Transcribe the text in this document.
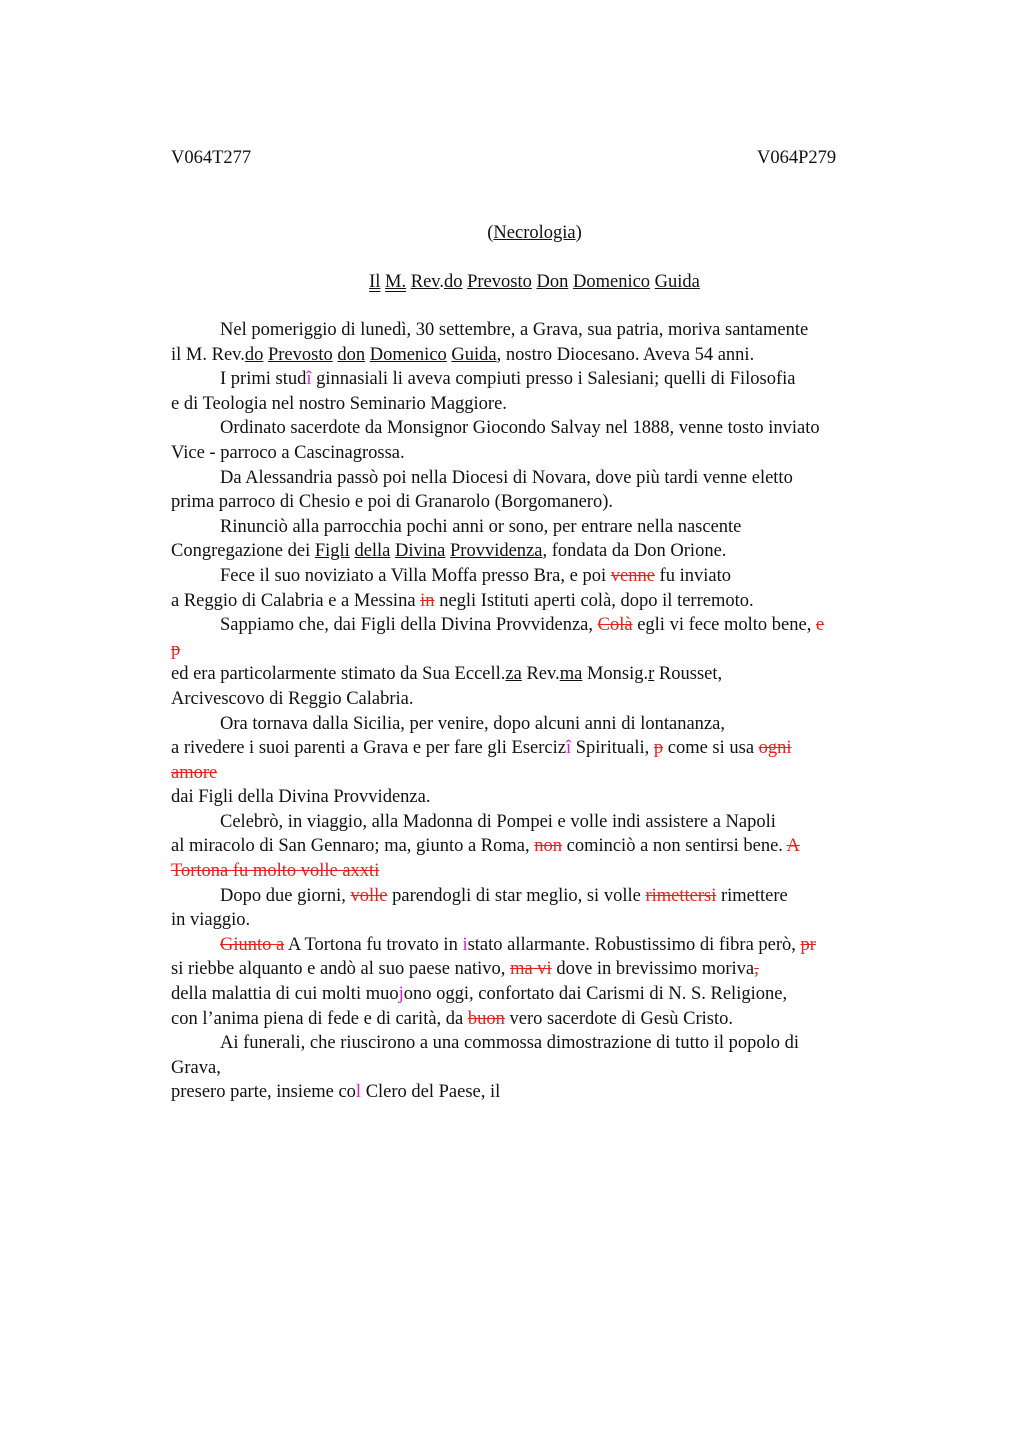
V064T277	V064P279
(Necrologia)
Il M. Rev.do Prevosto Don Domenico Guida
Nel pomeriggio di lunedì, 30 settembre, a Grava, sua patria, moriva santamente
il M. Rev.do Prevosto don Domenico Guida, nostro Diocesano. Aveva 54 anni.
I primi studî ginnasiali li aveva compiuti presso i Salesiani; quelli di Filosofia
e di Teologia nel nostro Seminario Maggiore.
Ordinato sacerdote da Monsignor Giocondo Salvay nel 1888, venne tosto inviato
Vice - parroco a Cascinagrossa.
Da Alessandria passò poi nella Diocesi di Novara, dove più tardi venne eletto
prima parroco di Chesio e poi di Granarolo (Borgomanero).
Rinunciò alla parrocchia pochi anni or sono, per entrare nella nascente
Congregazione dei Figli della Divina Provvidenza, fondata da Don Orione.
Fece il suo noviziato a Villa Moffa presso Bra, e poi venne fu inviato
a Reggio di Calabria e a Messina in negli Istituti aperti colà, dopo il terremoto.
Sappiamo che, dai Figli della Divina Provvidenza, Colà egli vi fece molto bene, e
p
ed era particolarmente stimato da Sua Eccell.za Rev.ma Monsig.r Rousset,
Arcivescovo di Reggio Calabria.
Ora tornava dalla Sicilia, per venire, dopo alcuni anni di lontananza,
a rivedere i suoi parenti a Grava e per fare gli Esercizî Spirituali, p come si usa ogni
amore
dai Figli della Divina Provvidenza.
Celebrò, in viaggio, alla Madonna di Pompei e volle indi assistere a Napoli
al miracolo di San Gennaro; ma, giunto a Roma, non cominciò a non sentirsi bene. A
Tortona fu molto volle axxti
Dopo due giorni, volle parendogli di star meglio, si volle rimettersi rimettere
in viaggio.
Giunto a A Tortona fu trovato in istato allarmante. Robustissimo di fibra però, pr
si riebbe alquanto e andò al suo paese nativo, ma vi dove in brevissimo moriva,
della malattia di cui molti muojono oggi, confortato dai Carismi di N. S. Religione,
con l’anima piena di fede e di carità, da buon vero sacerdote di Gesù Cristo.
Ai funerali, che riuscirono a una commossa dimostrazione di tutto il popolo di
Grava,
presero parte, insieme col Clero del Paese, il
